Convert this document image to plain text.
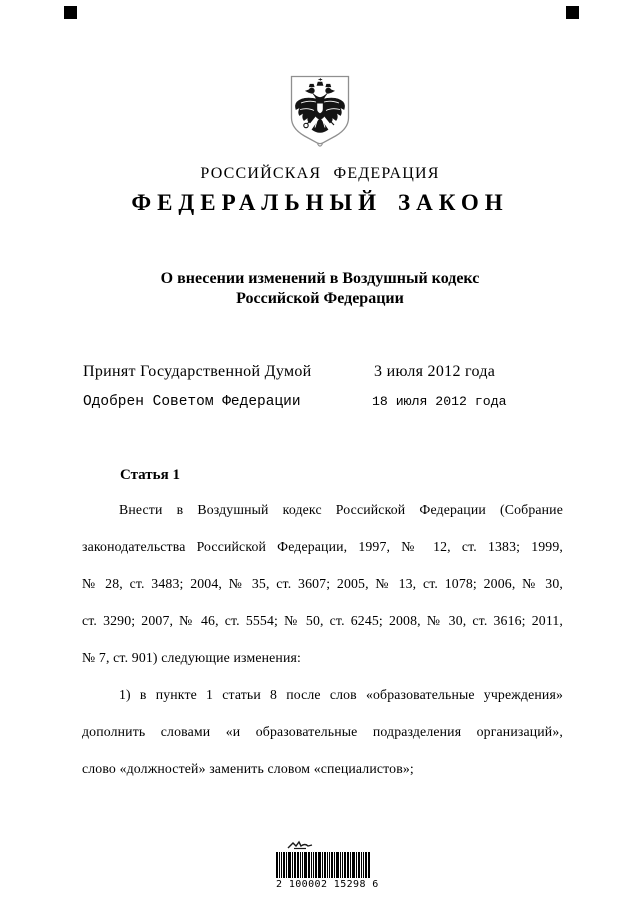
РОССИЙСКАЯ ФЕДЕРАЦИЯ
ФЕДЕРАЛЬНЫЙ ЗАКОН
О внесении изменений в Воздушный кодекс
Российской Федерации
Принят Государственной Думой	3 июля 2012 года
Одобрен Советом Федерации	18 июля 2012 года
Статья 1
Внести в Воздушный кодекс Российской Федерации (Собрание
законодательства Российской Федерации, 1997, № 12, ст. 1383; 1999,
№ 28, ст. 3483; 2004, № 35, ст. 3607; 2005, № 13, ст. 1078; 2006, № 30,
ст. 3290; 2007, № 46, ст. 5554; № 50, ст. 6245; 2008, № 30, ст. 3616; 2011,
№ 7, ст. 901) следующие изменения:
1) в пункте 1 статьи 8 после слов «образовательные учреждения»
дополнить словами «и образовательные подразделения организаций»,
слово «должностей» заменить словом «специалистов»;
2 100002 15298 6
